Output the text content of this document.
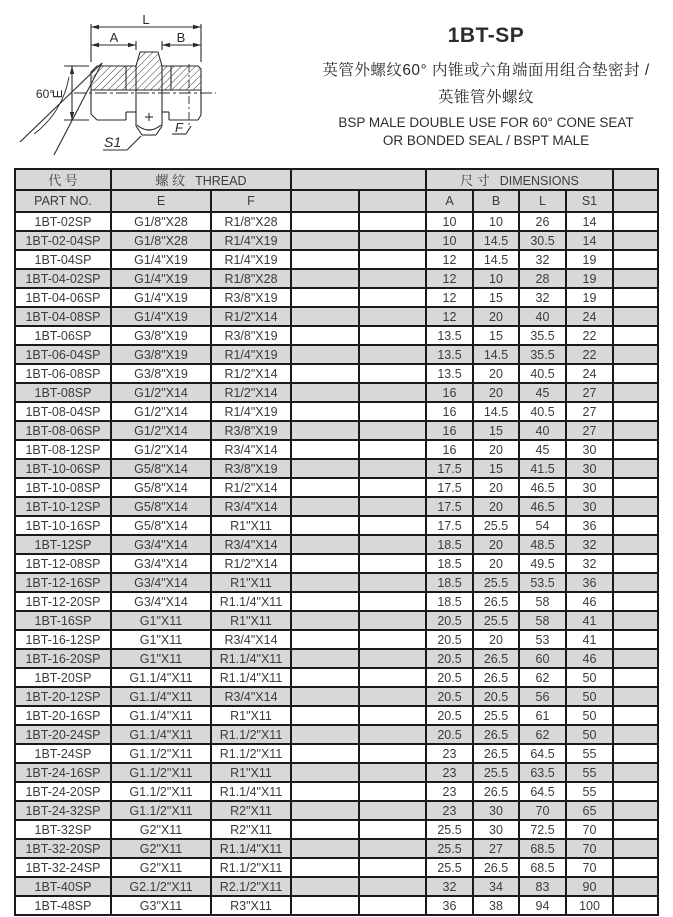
L
A	B
E
60°
S1
F
1BT-SP
英管外螺纹60° 内锥或六角端面用组合垫密封 /
英锥管外螺纹
BSP MALE DOUBLE USE FOR 60° CONE SEAT
OR BONDED SEAL / BSPT MALE
代 号	螺 纹 THREAD				尺 寸 DIMENSIONS				
PART NO.	E	F			A	B	L	S1	
1BT-02SP	G1/8"X28	R1/8"X28			10	10	26	14	
1BT-02-04SP	G1/8"X28	R1/4"X19			10	14.5	30.5	14	
1BT-04SP	G1/4"X19	R1/4"X19			12	14.5	32	19	
1BT-04-02SP	G1/4"X19	R1/8"X28			12	10	28	19	
1BT-04-06SP	G1/4"X19	R3/8"X19			12	15	32	19	
1BT-04-08SP	G1/4"X19	R1/2"X14			12	20	40	24	
1BT-06SP	G3/8"X19	R3/8"X19			13.5	15	35.5	22	
1BT-06-04SP	G3/8"X19	R1/4"X19			13.5	14.5	35.5	22	
1BT-06-08SP	G3/8"X19	R1/2"X14			13.5	20	40.5	24	
1BT-08SP	G1/2"X14	R1/2"X14			16	20	45	27	
1BT-08-04SP	G1/2"X14	R1/4"X19			16	14.5	40.5	27	
1BT-08-06SP	G1/2"X14	R3/8"X19			16	15	40	27	
1BT-08-12SP	G1/2"X14	R3/4"X14			16	20	45	30	
1BT-10-06SP	G5/8"X14	R3/8"X19			17.5	15	41.5	30	
1BT-10-08SP	G5/8"X14	R1/2"X14			17.5	20	46.5	30	
1BT-10-12SP	G5/8"X14	R3/4"X14			17.5	20	46.5	30	
1BT-10-16SP	G5/8"X14	R1"X11			17.5	25.5	54	36	
1BT-12SP	G3/4"X14	R3/4"X14			18.5	20	48.5	32	
1BT-12-08SP	G3/4"X14	R1/2"X14			18.5	20	49.5	32	
1BT-12-16SP	G3/4"X14	R1"X11			18.5	25.5	53.5	36	
1BT-12-20SP	G3/4"X14	R1.1/4"X11			18.5	26.5	58	46	
1BT-16SP	G1"X11	R1"X11			20.5	25.5	58	41	
1BT-16-12SP	G1"X11	R3/4"X14			20.5	20	53	41	
1BT-16-20SP	G1"X11	R1.1/4"X11			20.5	26.5	60	46	
1BT-20SP	G1.1/4"X11	R1.1/4"X11			20.5	26.5	62	50	
1BT-20-12SP	G1.1/4"X11	R3/4"X14			20.5	20.5	56	50	
1BT-20-16SP	G1.1/4"X11	R1"X11			20.5	25.5	61	50	
1BT-20-24SP	G1.1/4"X11	R1.1/2"X11			20.5	26.5	62	50	
1BT-24SP	G1.1/2"X11	R1.1/2"X11			23	26.5	64.5	55	
1BT-24-16SP	G1.1/2"X11	R1"X11			23	25.5	63.5	55	
1BT-24-20SP	G1.1/2"X11	R1.1/4"X11			23	26.5	64.5	55	
1BT-24-32SP	G1.1/2"X11	R2"X11			23	30	70	65	
1BT-32SP	G2"X11	R2"X11			25.5	30	72.5	70	
1BT-32-20SP	G2"X11	R1.1/4"X11			25.5	27	68.5	70	
1BT-32-24SP	G2"X11	R1.1/2"X11			25.5	26.5	68.5	70	
1BT-40SP	G2.1/2"X11	R2.1/2"X11			32	34	83	90	
1BT-48SP	G3"X11	R3"X11			36	38	94	100	
